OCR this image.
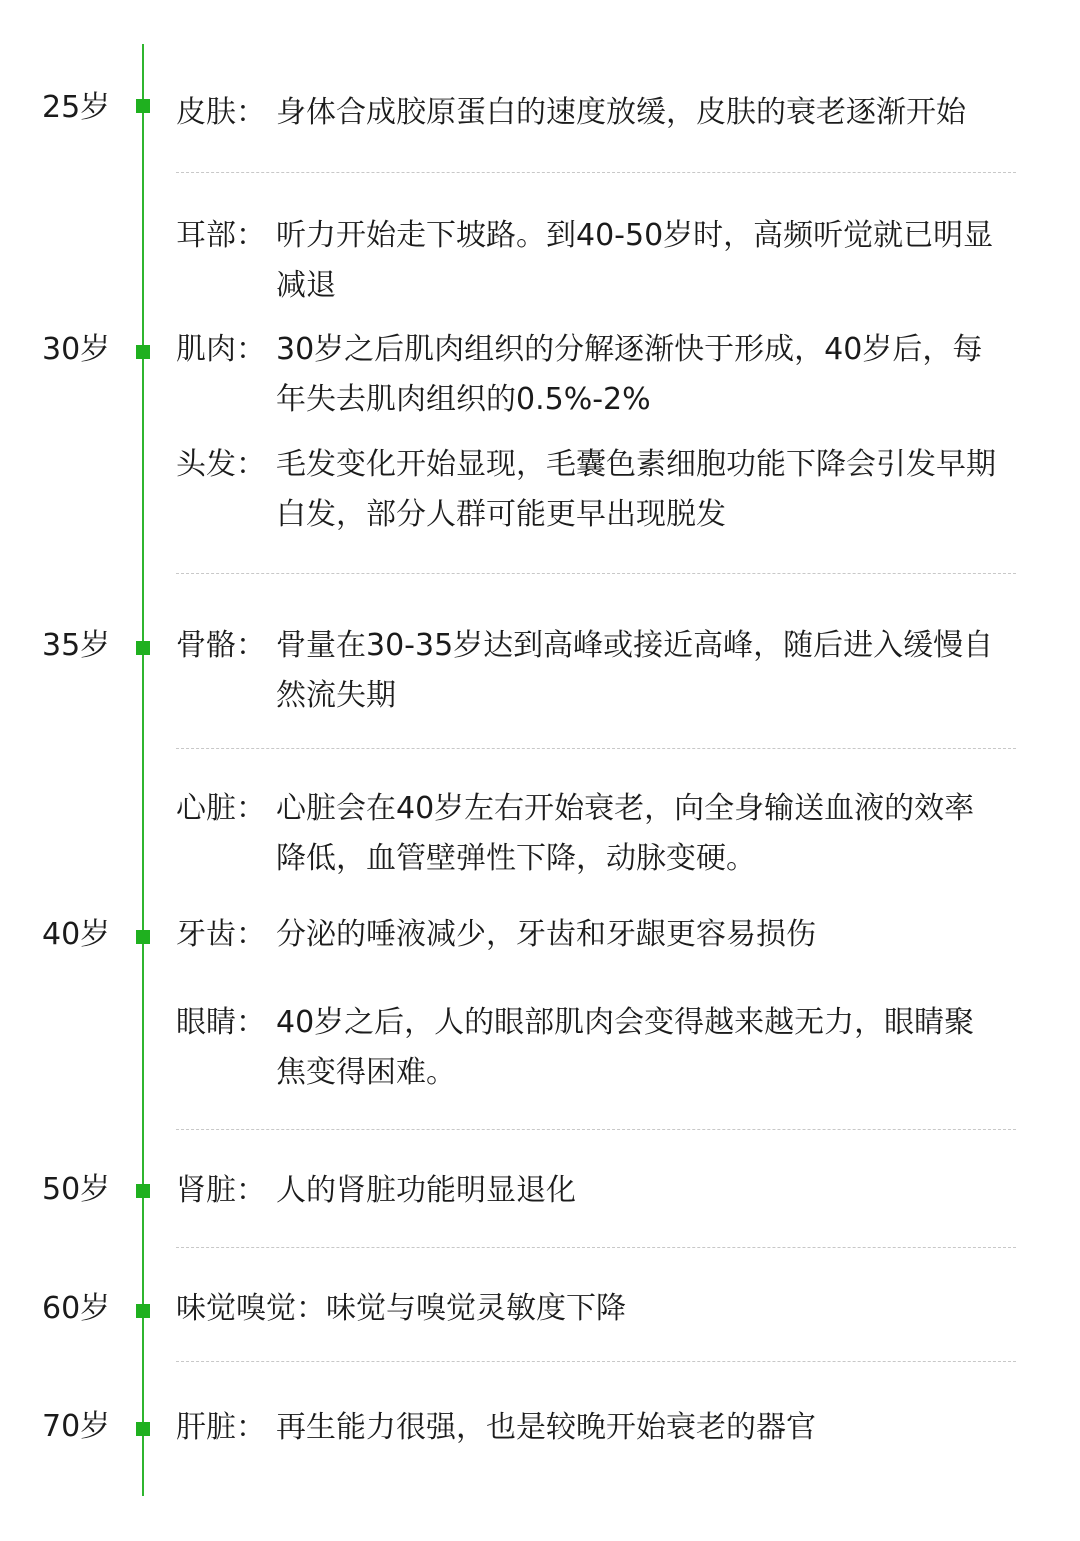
25岁
30岁
35岁
40岁
50岁
60岁
70岁
皮肤： 身体合成胶原蛋白的速度放缓，皮肤的衰老逐渐开始
耳部： 听力开始走下坡路。到40-50岁时，高频听觉就已明显减退
肌肉： 30岁之后肌肉组织的分解逐渐快于形成，40岁后，每年失去肌肉组织的0.5%-2%
头发： 毛发变化开始显现，毛囊色素细胞功能下降会引发早期白发，部分人群可能更早出现脱发
骨骼： 骨量在30-35岁达到高峰或接近高峰，随后进入缓慢自然流失期
心脏： 心脏会在40岁左右开始衰老，向全身输送血液的效率降低，血管壁弹性下降，动脉变硬。
牙齿： 分泌的唾液减少，牙齿和牙龈更容易损伤
眼睛： 40岁之后，人的眼部肌肉会变得越来越无力，眼睛聚焦变得困难。
肾脏： 人的肾脏功能明显退化
味觉嗅觉：味觉与嗅觉灵敏度下降
肝脏： 再生能力很强，也是较晚开始衰老的器官
